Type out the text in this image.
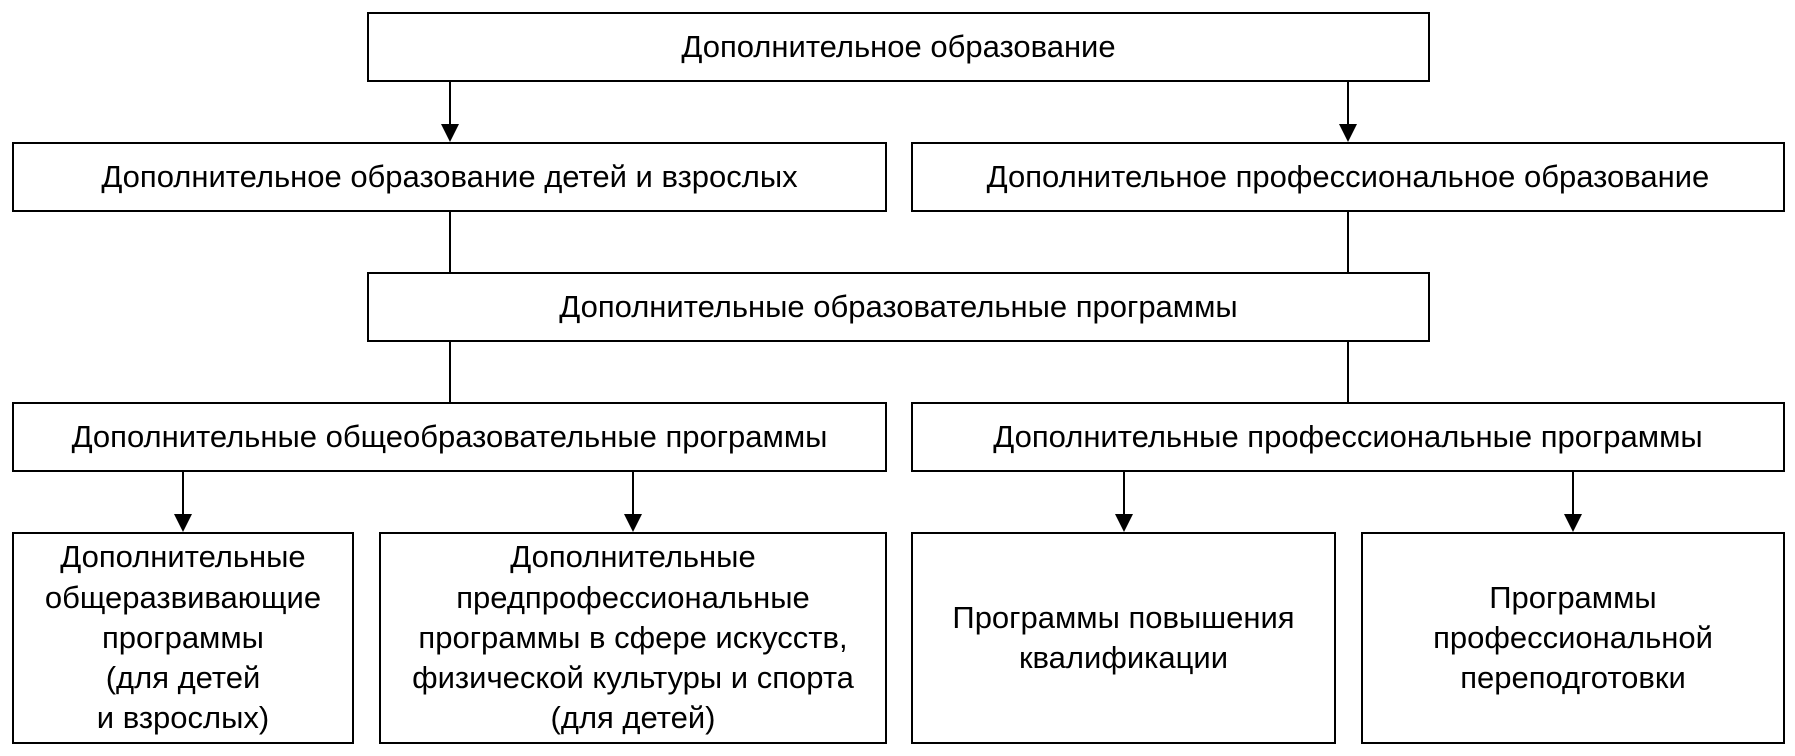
Дополнительное образование
Дополнительное образование детей и взрослых	Дополнительное профессиональное образование
Дополнительные образовательные программы
Дополнительные общеобразовательные программы	Дополнительные профессиональные программы
Дополнительные
общеразвивающие
программы
(для детей
и взрослых)
Дополнительные
предпрофессиональные
программы в сфере искусств,
физической культуры и спорта
(для детей)
Программы повышения
квалификации
Программы
профессиональной
переподготовки
